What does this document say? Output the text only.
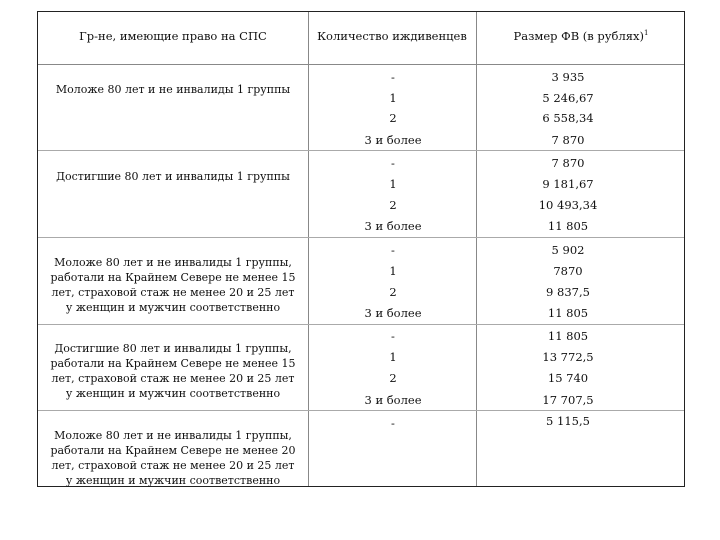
Гр-не, имеющие право на СПС	Количество иждивенцев	Размер ФВ (в рублях)$^1$
Моложе 80 лет и не инвалиды 1 группы
-	3 935
1	5 246,67
2	6 558,34
3 и более	7 870
Достигшие 80 лет и инвалиды 1 группы
-	7 870
1	9 181,67
2	10 493,34
3 и более	11 805
Моложе 80 лет и не инвалиды 1 группы,
работали на Крайнем Севере не менее 15
лет, страховой стаж не менее 20 и 25 лет
у женщин и мужчин соответственно
-	5 902
1	7870
2	9 837,5
3 и более	11 805
Достигшие 80 лет и инвалиды 1 группы,
работали на Крайнем Севере не менее 15
лет, страховой стаж не менее 20 и 25 лет
у женщин и мужчин соответственно
-	11 805
1	13 772,5
2	15 740
3 и более	17 707,5
Моложе 80 лет и не инвалиды 1 группы,
работали на Крайнем Севере не менее 20
лет, страховой стаж не менее 20 и 25 лет
у женщин и мужчин соответственно
-	5 115,5
